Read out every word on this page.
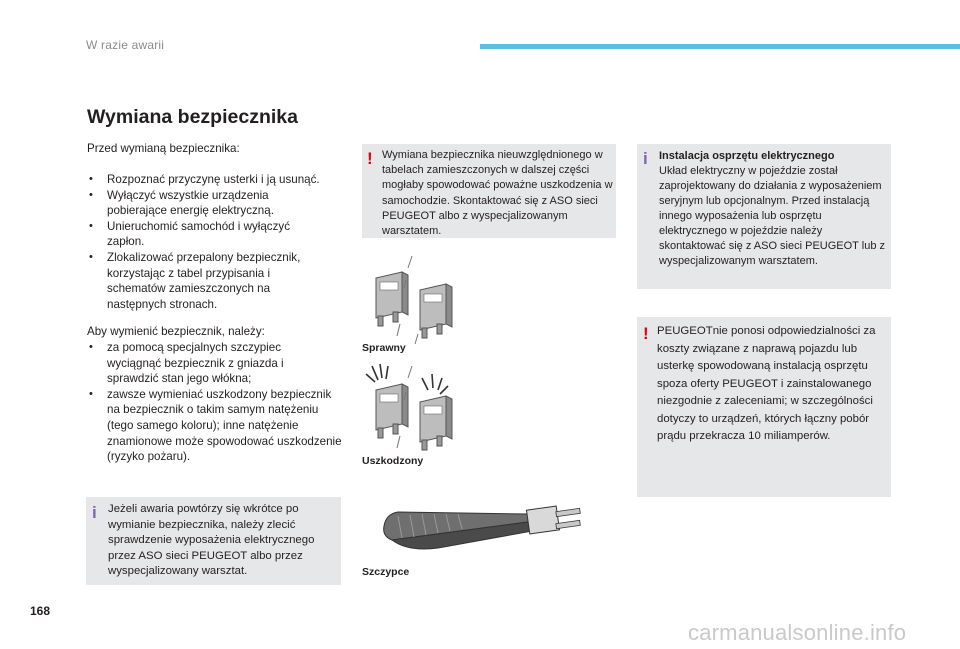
W razie awarii
Wymiana bezpiecznika
Przed wymianą bezpiecznika:
• Rozpoznać przyczynę usterki i ją usunąć.
• Wyłączyć wszystkie urządzenia pobierające energię elektryczną.
• Unieruchomić samochód i wyłączyć zapłon.
• Zlokalizować przepalony bezpiecznik, korzystając z tabel przypisania i schematów zamieszczonych na następnych stronach.
Aby wymienić bezpiecznik, należy:
• za pomocą specjalnych szczypiec wyciągnąć bezpiecznik z gniazda i sprawdzić stan jego włókna;
• zawsze wymieniać uszkodzony bezpiecznik na bezpiecznik o takim samym natężeniu (tego samego koloru); inne natężenie znamionowe może spowodować uszkodzenie (ryzyko pożaru).
i Jeżeli awaria powtórzy się wkrótce po wymianie bezpiecznika, należy zlecić sprawdzenie wyposażenia elektrycznego przez ASO sieci PEUGEOT albo przez wyspecjalizowany warsztat.
! Wymiana bezpiecznika nieuwzględnionego w tabelach zamieszczonych w dalszej części mogłaby spowodować poważne uszkodzenia w samochodzie. Skontaktować się z ASO sieci PEUGEOT albo z wyspecjalizowanym warsztatem.
Sprawny
Uszkodzony
Szczypce
i Instalacja osprzętu elektrycznego
Układ elektryczny w pojeździe został zaprojektowany do działania z wyposażeniem seryjnym lub opcjonalnym. Przed instalacją innego wyposażenia lub osprzętu elektrycznego w pojeździe należy skontaktować się z ASO sieci PEUGEOT lub z wyspecjalizowanym warsztatem.
! PEUGEOTnie ponosi odpowiedzialności za koszty związane z naprawą pojazdu lub usterkę spowodowaną instalacją osprzętu spoza oferty PEUGEOT i zainstalowanego niezgodnie z zaleceniami; w szczególności dotyczy to urządzeń, których łączny pobór prądu przekracza 10 miliamperów.
168
carmanualsonline.info
